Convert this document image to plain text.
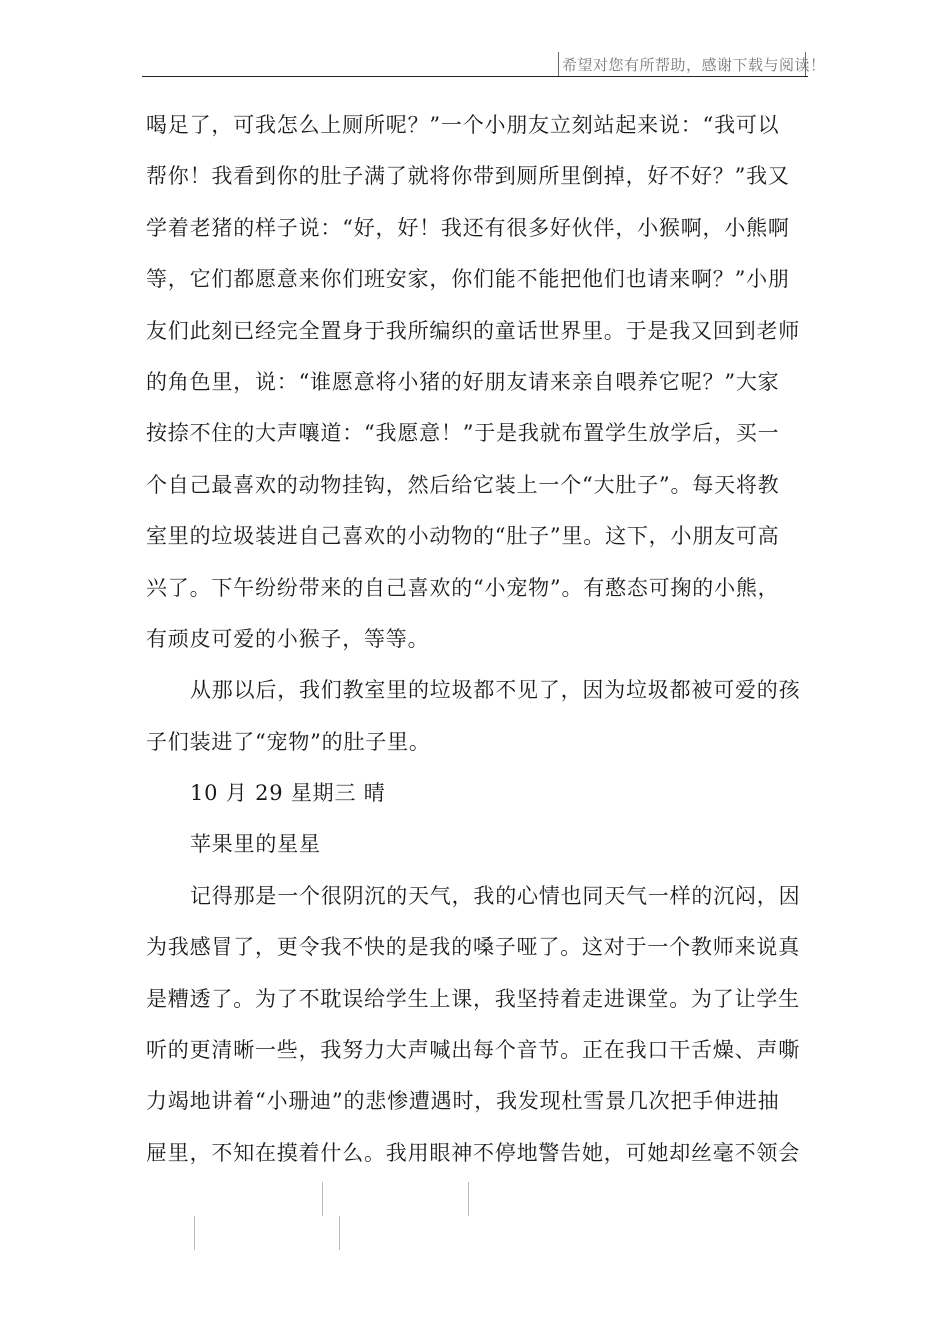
希望对您有所帮助，感谢下载与阅读！
喝足了，可我怎么上厕所呢？”一个小朋友立刻站起来说：“我可以
帮你！我看到你的肚子满了就将你带到厕所里倒掉，好不好？”我又
学着老猪的样子说：“好，好！我还有很多好伙伴，小猴啊，小熊啊
等，它们都愿意来你们班安家，你们能不能把他们也请来啊？”小朋
友们此刻已经完全置身于我所编织的童话世界里。于是我又回到老师
的角色里，说：“谁愿意将小猪的好朋友请来亲自喂养它呢？”大家
按捺不住的大声嚷道：“我愿意！”于是我就布置学生放学后，买一
个自己最喜欢的动物挂钩，然后给它装上一个“大肚子”。每天将教
室里的垃圾装进自己喜欢的小动物的“肚子”里。这下，小朋友可高
兴了。下午纷纷带来的自己喜欢的“小宠物”。有憨态可掬的小熊，
有顽皮可爱的小猴子，等等。
从那以后，我们教室里的垃圾都不见了，因为垃圾都被可爱的孩
子们装进了“宠物”的肚子里。
10 月 29 星期三 晴
苹果里的星星
记得那是一个很阴沉的天气，我的心情也同天气一样的沉闷，因
为我感冒了，更令我不快的是我的嗓子哑了。这对于一个教师来说真
是糟透了。为了不耽误给学生上课，我坚持着走进课堂。为了让学生
听的更清晰一些，我努力大声喊出每个音节。正在我口干舌燥、声嘶
力竭地讲着“小珊迪”的悲惨遭遇时，我发现杜雪景几次把手伸进抽
屉里，不知在摸着什么。我用眼神不停地警告她，可她却丝毫不领会
